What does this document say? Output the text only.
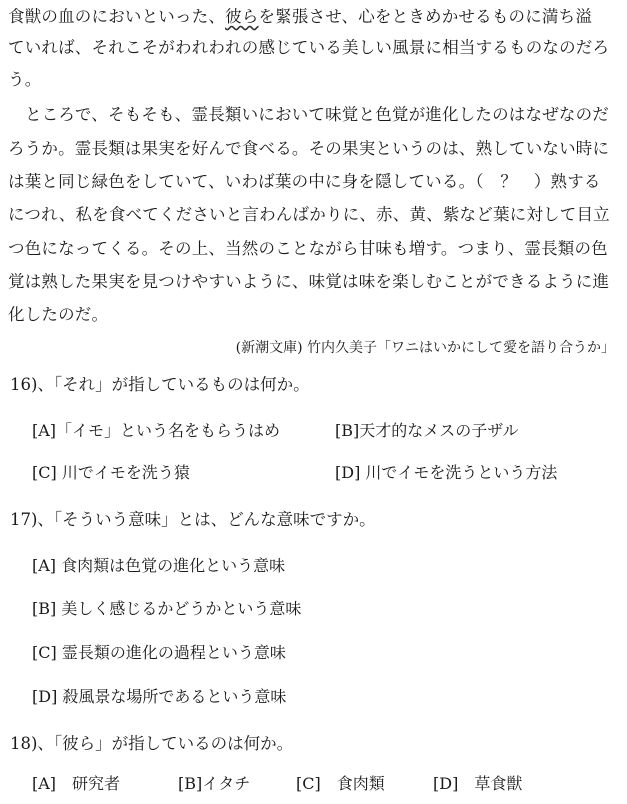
食獣の血のにおいといった、彼らを緊張させ、心をときめかせるものに満ち溢
ていれば、それこそがわれわれの感じている美しい風景に相当するものなのだろ
う。
ところで、そもそも、霊長類いにおいて味覚と色覚が進化したのはなぜなのだ
ろうか。霊長類は果実を好んで食べる。その果実というのは、熟していない時に
は葉と同じ緑色をしていて、いわば葉の中に身を隠している。（　？　）熟する
につれ、私を食べてくださいと言わんばかりに、赤、黄、紫など葉に対して目立
つ色になってくる。その上、当然のことながら甘味も増す。つまり、霊長類の色
覚は熟した果実を見つけやすいように、味覚は味を楽しむことができるように進
化したのだ。
(新潮文庫) 竹内久美子「ワニはいかにして愛を語り合うか」
16)、「それ」が指しているものは何か。
[A]「イモ」という名をもらうはめ	[B]天才的なメスの子ザル
[C] 川でイモを洗う猿	[D] 川でイモを洗うという方法
17)、「そういう意味」とは、どんな意味ですか。
[A] 食肉類は色覚の進化という意味
[B] 美しく感じるかどうかという意味
[C] 霊長類の進化の過程という意味
[D] 殺風景な場所であるという意味
18)、「彼ら」が指しているのは何か。
[A]　研究者	[B]イタチ	[C]　食肉類	[D]　草食獣
